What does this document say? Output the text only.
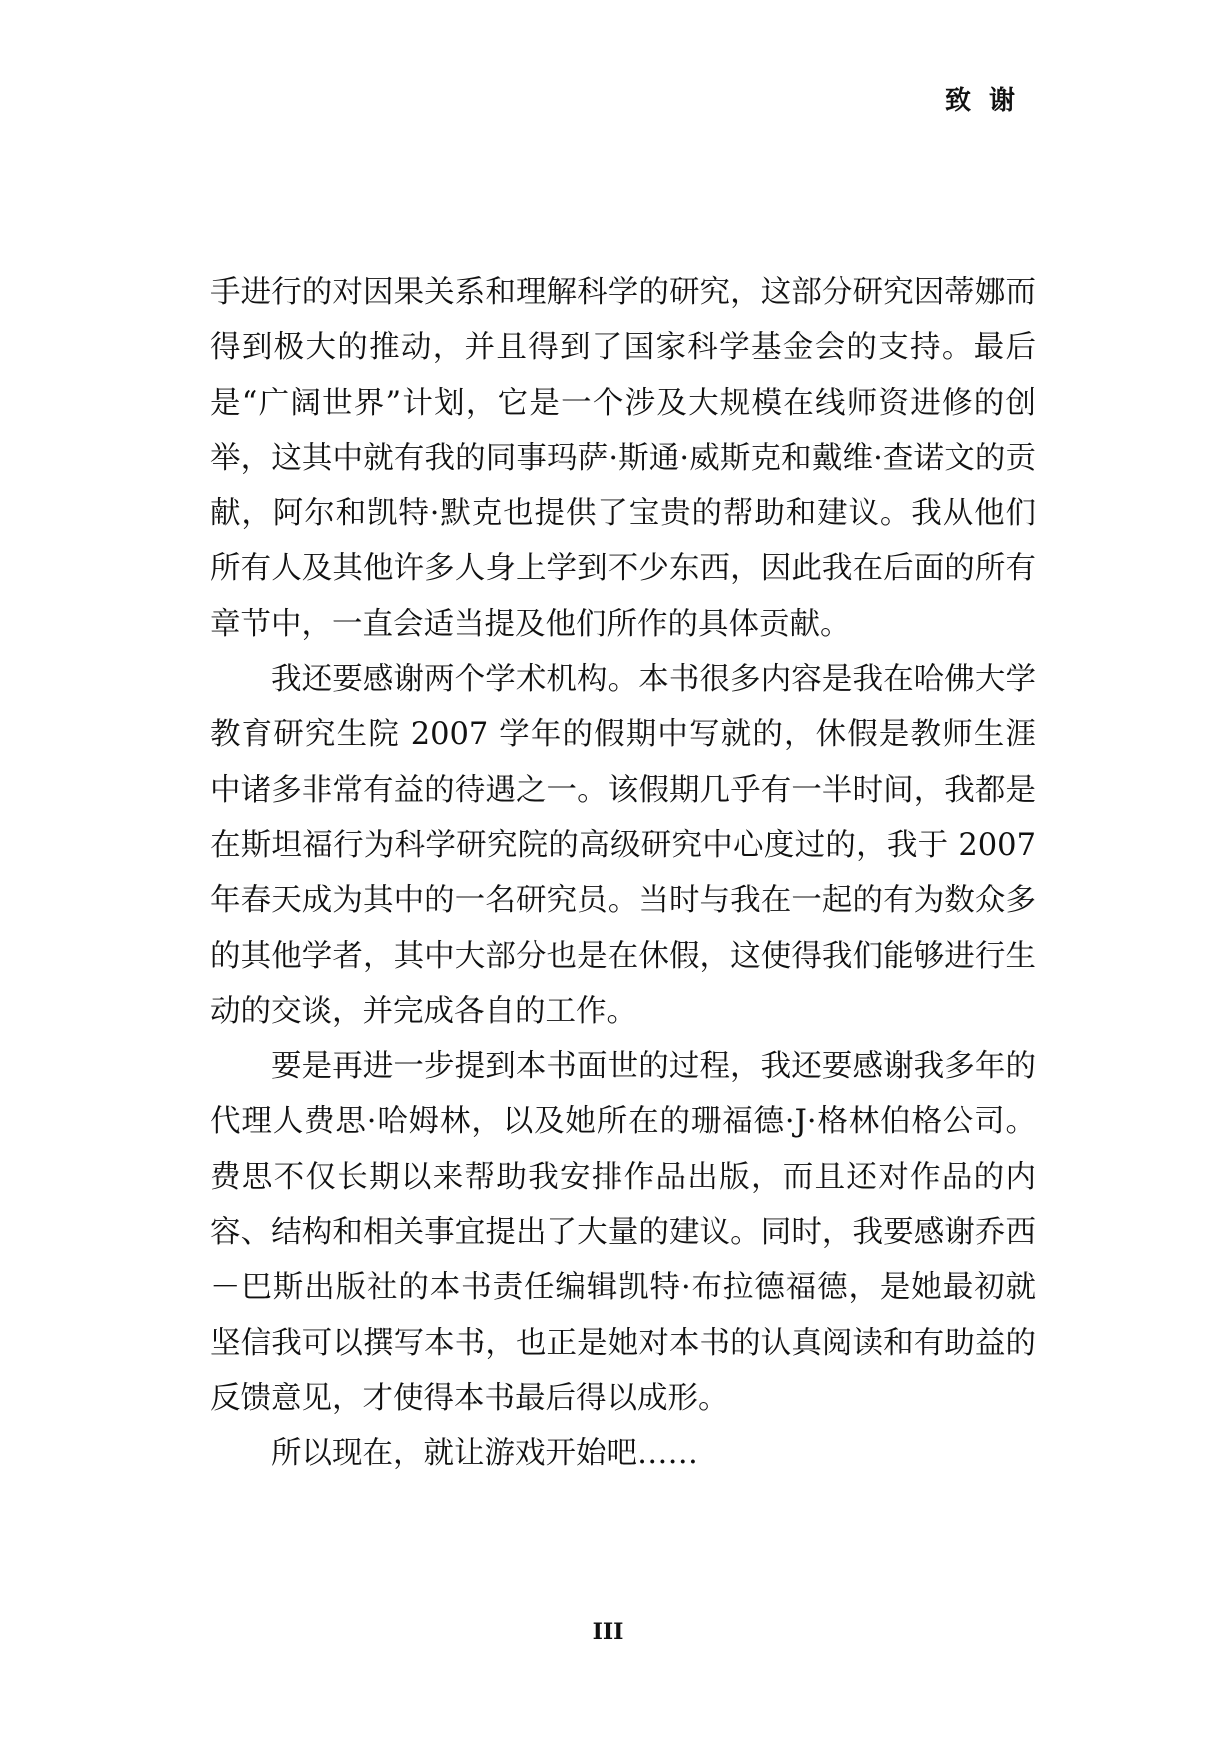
致谢

手进行的对因果关系和理解科学的研究，这部分研究因蒂娜而得到极大的推动，并且得到了国家科学基金会的支持。最后是“广阔世界”计划，它是一个涉及大规模在线师资进修的创举，这其中就有我的同事玛萨·斯通·威斯克和戴维·查诺文的贡献，阿尔和凯特·默克也提供了宝贵的帮助和建议。我从他们所有人及其他许多人身上学到不少东西，因此我在后面的所有章节中，一直会适当提及他们所作的具体贡献。

我还要感谢两个学术机构。本书很多内容是我在哈佛大学教育研究生院 2007 学年的假期中写就的，休假是教师生涯中诸多非常有益的待遇之一。该假期几乎有一半时间，我都是在斯坦福行为科学研究院的高级研究中心度过的，我于 2007 年春天成为其中的一名研究员。当时与我在一起的有为数众多的其他学者，其中大部分也是在休假，这使得我们能够进行生动的交谈，并完成各自的工作。

要是再进一步提到本书面世的过程，我还要感谢我多年的代理人费思·哈姆林，以及她所在的珊福德·J·格林伯格公司。费思不仅长期以来帮助我安排作品出版，而且还对作品的内容、结构和相关事宜提出了大量的建议。同时，我要感谢乔西－巴斯出版社的本书责任编辑凯特·布拉德福德，是她最初就坚信我可以撰写本书，也正是她对本书的认真阅读和有助益的反馈意见，才使得本书最后得以成形。

所以现在，就让游戏开始吧……

III
